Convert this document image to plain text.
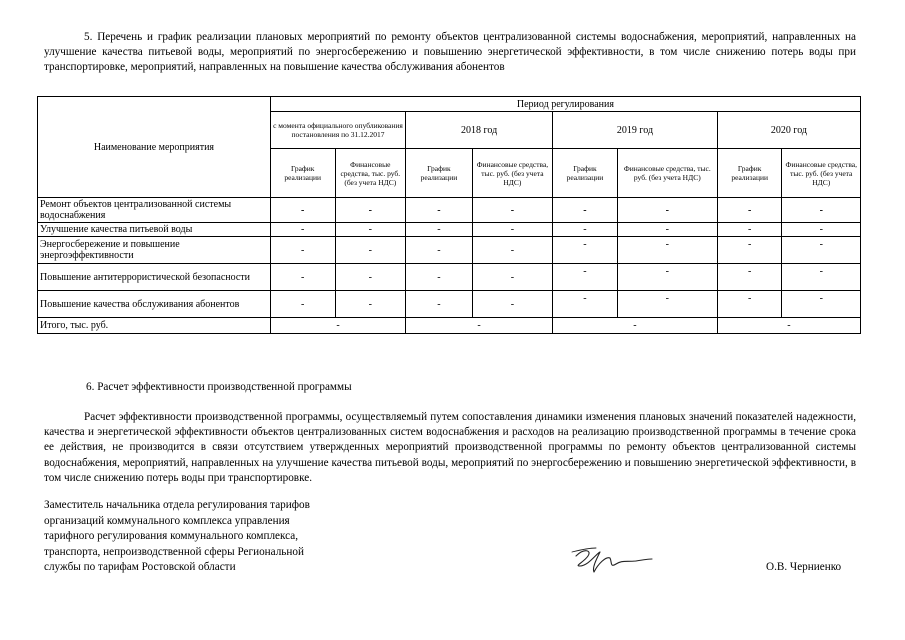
5. Перечень и график реализации плановых мероприятий по ремонту объектов централизованной системы водоснабжения, мероприятий, направленных на улучшение качества питьевой воды, мероприятий по энергосбережению и повышению энергетической эффективности, в том числе снижению потерь воды при транспортировке, мероприятий, направленных на повышение качества обслуживания абонентов
Наименование мероприятия	Период регулирования							
	с момента официального опубликования постановления по 31.12.2017		2018 год		2019 год		2020 год	
	График реализации	Финансовые средства, тыс. руб. (без учета НДС)	График реализации	Финансовые средства, тыс. руб. (без учета НДС)	График реализации	Финансовые средства, тыс. руб. (без учета НДС)	График реализации	Финансовые средства, тыс. руб. (без учета НДС)
Ремонт объектов централизованной системы водоснабжения	-	-	-	-	-	-	-	-
Улучшение качества питьевой воды	-	-	-	-	-	-	-	-
Энергосбережение и повышение энергоэффективности	-	-	-	-	-	-	-	-
Повышение антитеррористической безопасности	-	-	-	-	-	-	-	-
Повышение качества обслуживания абонентов	-	-	-	-	-	-	-	-
Итого, тыс. руб.	-		-		-		-	
6. Расчет эффективности производственной программы
Расчет эффективности производственной программы, осуществляемый путем сопоставления динамики изменения плановых значений показателей надежности, качества и энергетической эффективности объектов централизованных систем водоснабжения и расходов на реализацию производственной программы в течение срока ее действия, не производится в связи отсутствием утвержденных мероприятий производственной программы по ремонту объектов централизованной системы водоснабжения, мероприятий, направленных на улучшение качества питьевой воды, мероприятий по энергосбережению и повышению энергетической эффективности, в том числе снижению потерь воды при транспортировке.
Заместитель начальника отдела регулирования тарифов
организаций коммунального комплекса управления
тарифного регулирования коммунального комплекса,
транспорта, непроизводственной сферы Региональной
службы по тарифам Ростовской области	О.В. Черниенко
